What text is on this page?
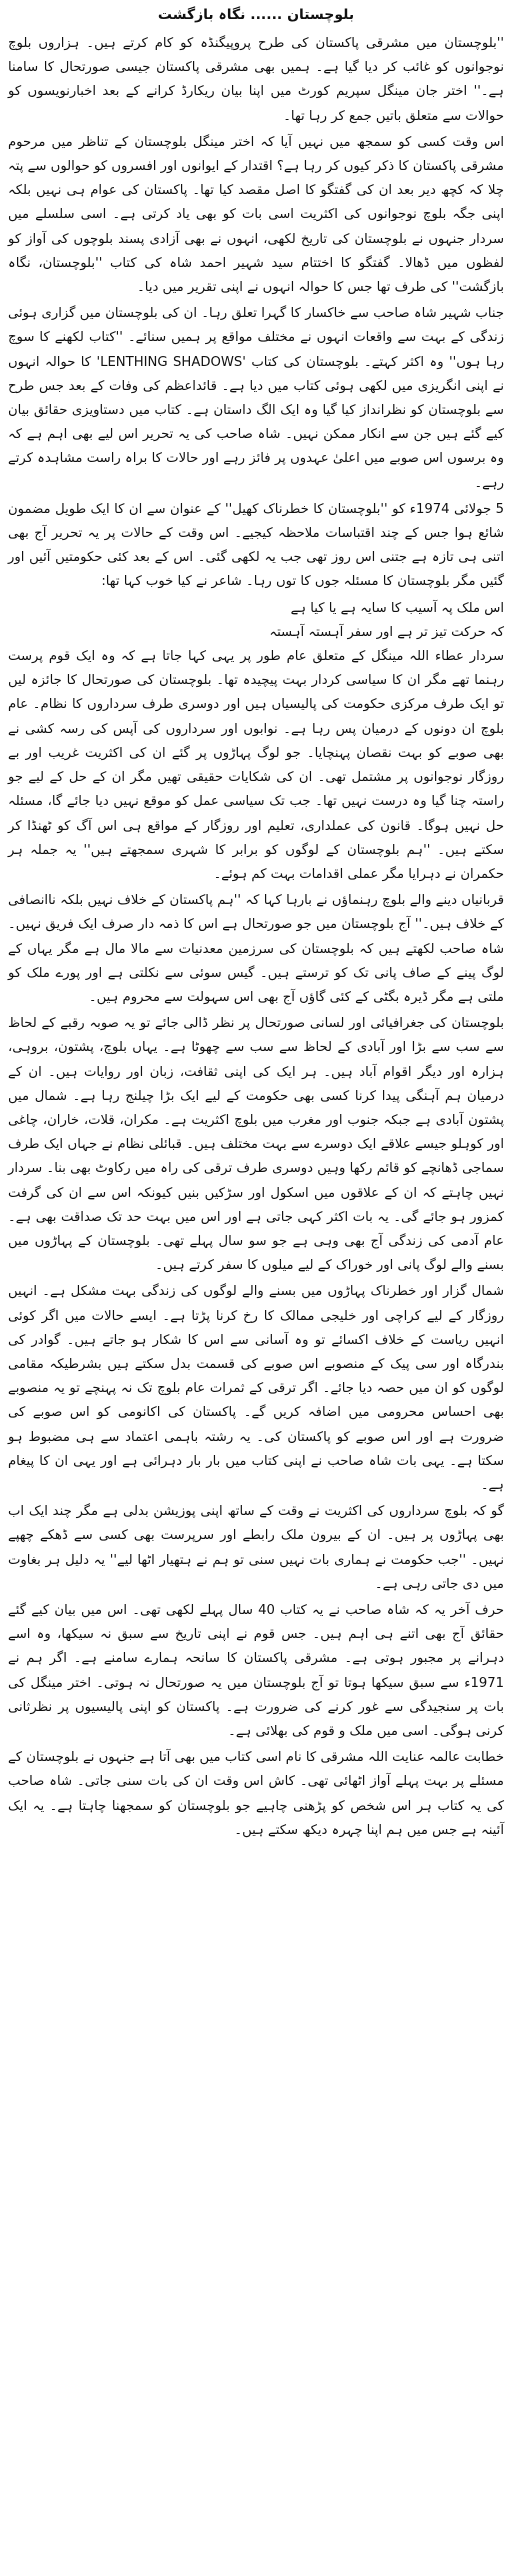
بلوچستان ...... نگاہ بازگشت

''بلوچستان میں مشرقی پاکستان کی طرح پروپیگنڈہ کو کام کرتے ہیں۔ ہزاروں بلوچ نوجوانوں کو غائب کر دیا گیا ہے۔ ہمیں بھی مشرقی پاکستان جیسی صورتحال کا سامنا ہے۔'' اختر جان مینگل سپریم کورٹ میں اپنا بیان ریکارڈ کرانے کے بعد اخبارنویسوں کو حوالات سے متعلق باتیں جمع کر رہا تھا۔

اس وقت کسی کو سمجھ میں نہیں آیا کہ اختر مینگل بلوچستان کے تناظر میں مرحوم مشرقی پاکستان کا ذکر کیوں کر رہا ہے؟ اقتدار کے ایوانوں اور افسروں کو حوالوں سے پتہ چلا کہ کچھ دیر بعد ان کی گفتگو کا اصل مقصد کیا تھا۔ پاکستان کی عوام ہی نہیں بلکہ اپنی جگہ بلوچ نوجوانوں کی اکثریت اسی بات کو بھی یاد کرتی ہے۔ اسی سلسلے میں سردار جنہوں نے بلوچستان کی تاریخ لکھی، انہوں نے بھی آزادی پسند بلوچوں کی آواز کو لفظوں میں ڈھالا۔ گفتگو کا اختتام سید شہیر احمد شاہ کی کتاب ''بلوچستان، نگاہ بازگشت'' کی طرف تھا جس کا حوالہ انہوں نے اپنی تقریر میں دیا۔

جناب شہیر شاہ صاحب سے خاکسار کا گہرا تعلق رہا۔ ان کی بلوچستان میں گزاری ہوئی زندگی کے بہت سے واقعات انہوں نے مختلف مواقع پر ہمیں سنائے۔ ''کتاب لکھنے کا سوچ رہا ہوں'' وہ اکثر کہتے۔ بلوچستان کی کتاب 'LENTHING SHADOWS' کا حوالہ انہوں نے اپنی انگریزی میں لکھی ہوئی کتاب میں دیا ہے۔ قائداعظم کی وفات کے بعد جس طرح سے بلوچستان کو نظرانداز کیا گیا وہ ایک الگ داستان ہے۔ کتاب میں دستاویزی حقائق بیان کیے گئے ہیں جن سے انکار ممکن نہیں۔ شاہ صاحب کی یہ تحریر اس لیے بھی اہم ہے کہ وہ برسوں اس صوبے میں اعلیٰ عہدوں پر فائز رہے اور حالات کا براہ راست مشاہدہ کرتے رہے۔

5 جولائی 1974ء کو ''بلوچستان کا خطرناک کھیل'' کے عنوان سے ان کا ایک طویل مضمون شائع ہوا جس کے چند اقتباسات ملاحظہ کیجیے۔ اس وقت کے حالات پر یہ تحریر آج بھی اتنی ہی تازہ ہے جتنی اس روز تھی جب یہ لکھی گئی۔ اس کے بعد کئی حکومتیں آئیں اور گئیں مگر بلوچستان کا مسئلہ جوں کا توں رہا۔ شاعر نے کیا خوب کہا تھا:

اس ملک پہ آسیب کا سایہ ہے یا کیا ہے

کہ حرکت تیز تر ہے اور سفر آہستہ آہستہ

سردار عطاء اللہ مینگل کے متعلق عام طور پر یہی کہا جاتا ہے کہ وہ ایک قوم پرست رہنما تھے مگر ان کا سیاسی کردار بہت پیچیدہ تھا۔ بلوچستان کی صورتحال کا جائزہ لیں تو ایک طرف مرکزی حکومت کی پالیسیاں ہیں اور دوسری طرف سرداروں کا نظام۔ عام بلوچ ان دونوں کے درمیان پس رہا ہے۔ نوابوں اور سرداروں کی آپس کی رسہ کشی نے بھی صوبے کو بہت نقصان پہنچایا۔ جو لوگ پہاڑوں پر گئے ان کی اکثریت غریب اور بے روزگار نوجوانوں پر مشتمل تھی۔ ان کی شکایات حقیقی تھیں مگر ان کے حل کے لیے جو راستہ چنا گیا وہ درست نہیں تھا۔ جب تک سیاسی عمل کو موقع نہیں دیا جائے گا، مسئلہ حل نہیں ہوگا۔ قانون کی عملداری، تعلیم اور روزگار کے مواقع ہی اس آگ کو ٹھنڈا کر سکتے ہیں۔ ''ہم بلوچستان کے لوگوں کو برابر کا شہری سمجھتے ہیں'' یہ جملہ ہر حکمران نے دہرایا مگر عملی اقدامات بہت کم ہوئے۔

قربانیاں دینے والے بلوچ رہنماؤں نے بارہا کہا کہ ''ہم پاکستان کے خلاف نہیں بلکہ ناانصافی کے خلاف ہیں۔'' آج بلوچستان میں جو صورتحال ہے اس کا ذمہ دار صرف ایک فریق نہیں۔ شاہ صاحب لکھتے ہیں کہ بلوچستان کی سرزمین معدنیات سے مالا مال ہے مگر یہاں کے لوگ پینے کے صاف پانی تک کو ترستے ہیں۔ گیس سوئی سے نکلتی ہے اور پورے ملک کو ملتی ہے مگر ڈیرہ بگٹی کے کئی گاؤں آج بھی اس سہولت سے محروم ہیں۔

بلوچستان کی جغرافیائی اور لسانی صورتحال پر نظر ڈالی جائے تو یہ صوبہ رقبے کے لحاظ سے سب سے بڑا اور آبادی کے لحاظ سے سب سے چھوٹا ہے۔ یہاں بلوچ، پشتون، بروہی، ہزارہ اور دیگر اقوام آباد ہیں۔ ہر ایک کی اپنی ثقافت، زبان اور روایات ہیں۔ ان کے درمیان ہم آہنگی پیدا کرنا کسی بھی حکومت کے لیے ایک بڑا چیلنج رہا ہے۔ شمال میں پشتون آبادی ہے جبکہ جنوب اور مغرب میں بلوچ اکثریت ہے۔ مکران، قلات، خاران، چاغی اور کوہلو جیسے علاقے ایک دوسرے سے بہت مختلف ہیں۔ قبائلی نظام نے جہاں ایک طرف سماجی ڈھانچے کو قائم رکھا وہیں دوسری طرف ترقی کی راہ میں رکاوٹ بھی بنا۔ سردار نہیں چاہتے کہ ان کے علاقوں میں اسکول اور سڑکیں بنیں کیونکہ اس سے ان کی گرفت کمزور ہو جائے گی۔ یہ بات اکثر کہی جاتی ہے اور اس میں بہت حد تک صداقت بھی ہے۔ عام آدمی کی زندگی آج بھی وہی ہے جو سو سال پہلے تھی۔ بلوچستان کے پہاڑوں میں بسنے والے لوگ پانی اور خوراک کے لیے میلوں کا سفر کرتے ہیں۔

شمال گزار اور خطرناک پہاڑوں میں بسنے والے لوگوں کی زندگی بہت مشکل ہے۔ انہیں روزگار کے لیے کراچی اور خلیجی ممالک کا رخ کرنا پڑتا ہے۔ ایسے حالات میں اگر کوئی انہیں ریاست کے خلاف اکسائے تو وہ آسانی سے اس کا شکار ہو جاتے ہیں۔ گوادر کی بندرگاہ اور سی پیک کے منصوبے اس صوبے کی قسمت بدل سکتے ہیں بشرطیکہ مقامی لوگوں کو ان میں حصہ دیا جائے۔ اگر ترقی کے ثمرات عام بلوچ تک نہ پہنچے تو یہ منصوبے بھی احساس محرومی میں اضافہ کریں گے۔ پاکستان کی اکانومی کو اس صوبے کی ضرورت ہے اور اس صوبے کو پاکستان کی۔ یہ رشتہ باہمی اعتماد سے ہی مضبوط ہو سکتا ہے۔ یہی بات شاہ صاحب نے اپنی کتاب میں بار بار دہرائی ہے اور یہی ان کا پیغام ہے۔

گو کہ بلوچ سرداروں کی اکثریت نے وقت کے ساتھ اپنی پوزیشن بدلی ہے مگر چند ایک اب بھی پہاڑوں پر ہیں۔ ان کے بیرون ملک رابطے اور سرپرست بھی کسی سے ڈھکے چھپے نہیں۔ ''جب حکومت نے ہماری بات نہیں سنی تو ہم نے ہتھیار اٹھا لیے'' یہ دلیل ہر بغاوت میں دی جاتی رہی ہے۔

حرف آخر یہ کہ شاہ صاحب نے یہ کتاب 40 سال پہلے لکھی تھی۔ اس میں بیان کیے گئے حقائق آج بھی اتنے ہی اہم ہیں۔ جس قوم نے اپنی تاریخ سے سبق نہ سیکھا، وہ اسے دہرانے پر مجبور ہوتی ہے۔ مشرقی پاکستان کا سانحہ ہمارے سامنے ہے۔ اگر ہم نے 1971ء سے سبق سیکھا ہوتا تو آج بلوچستان میں یہ صورتحال نہ ہوتی۔ اختر مینگل کی بات پر سنجیدگی سے غور کرنے کی ضرورت ہے۔ پاکستان کو اپنی پالیسیوں پر نظرثانی کرنی ہوگی۔ اسی میں ملک و قوم کی بھلائی ہے۔

خطابت عالمہ عنایت اللہ مشرقی کا نام اسی کتاب میں بھی آتا ہے جنہوں نے بلوچستان کے مسئلے پر بہت پہلے آواز اٹھائی تھی۔ کاش اس وقت ان کی بات سنی جاتی۔ شاہ صاحب کی یہ کتاب ہر اس شخص کو پڑھنی چاہیے جو بلوچستان کو سمجھنا چاہتا ہے۔ یہ ایک آئینہ ہے جس میں ہم اپنا چہرہ دیکھ سکتے ہیں۔
